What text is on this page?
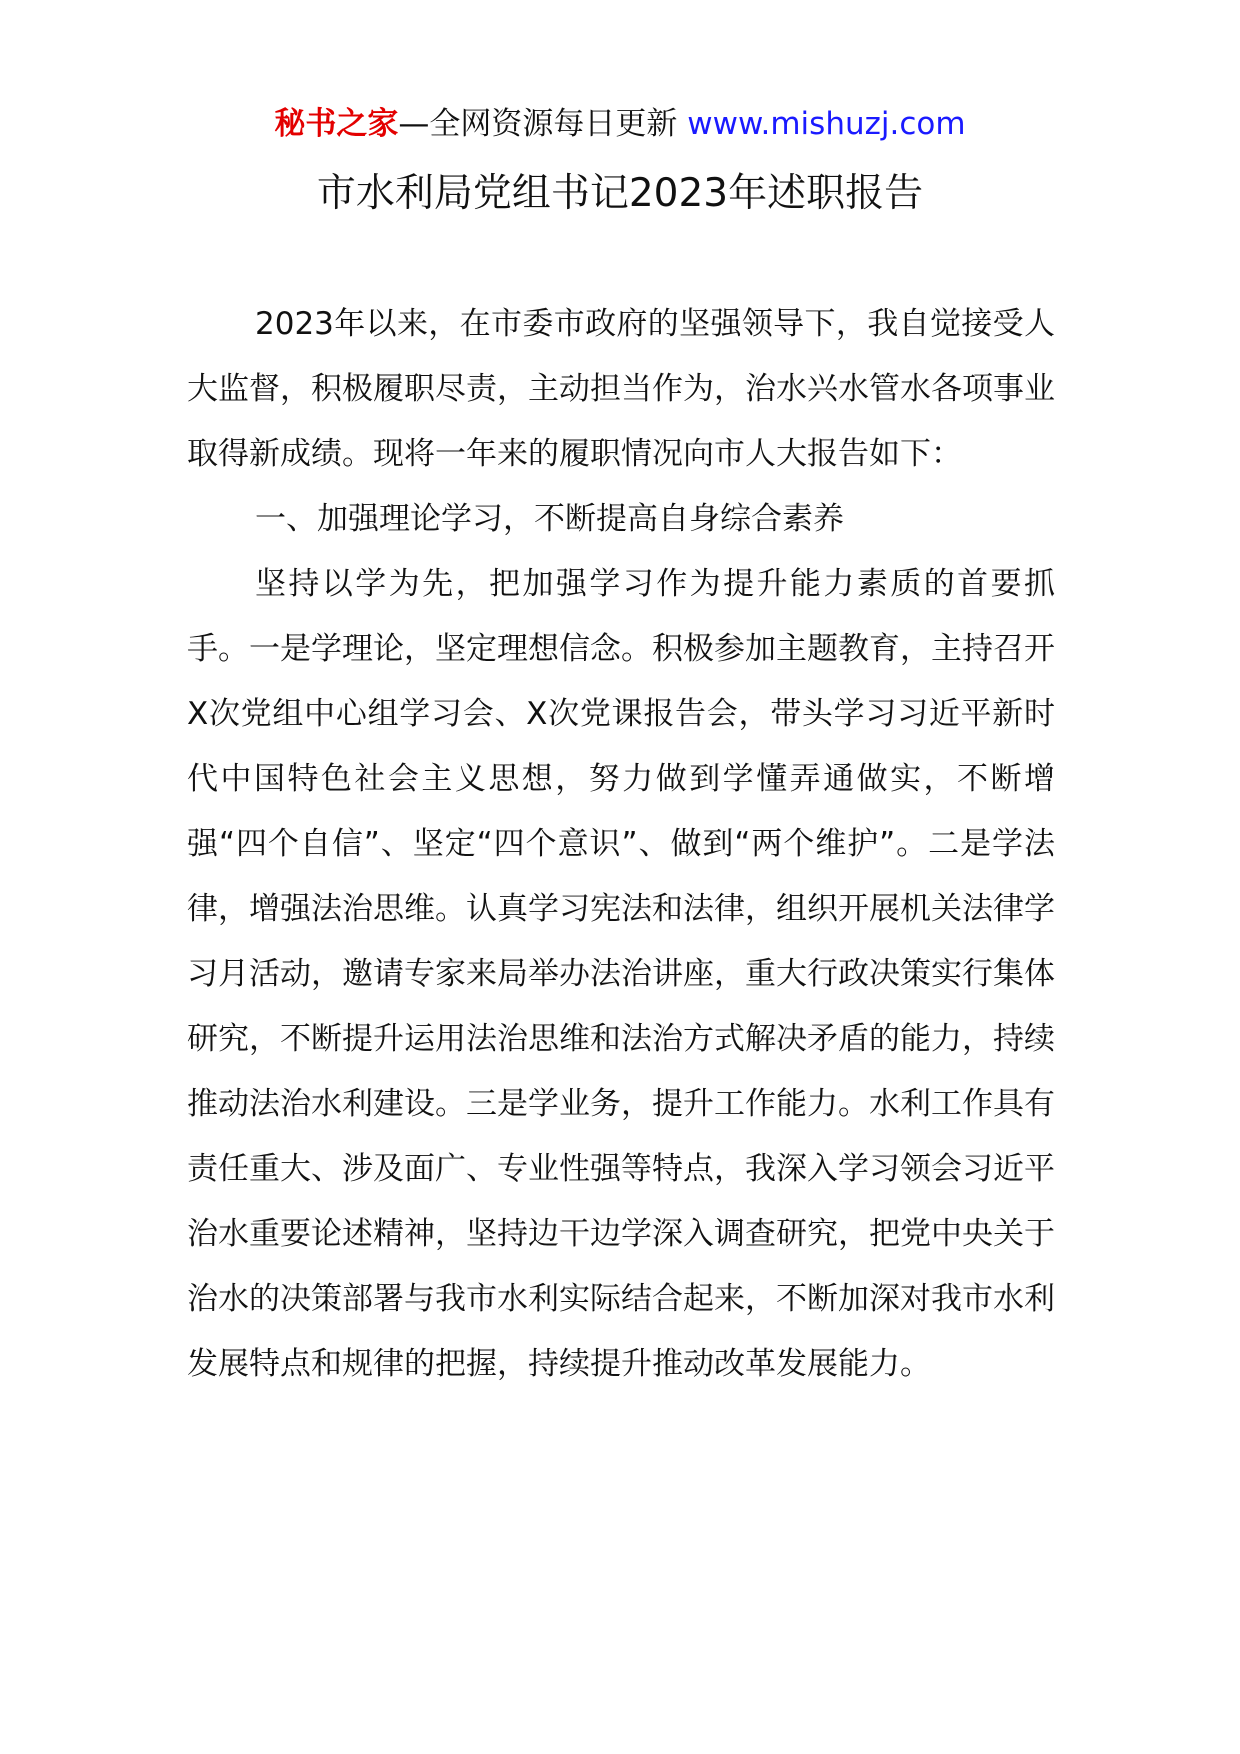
秘书之家—全网资源每日更新 www.mishuzj.com
市水利局党组书记2023年述职报告

2023年以来，在市委市政府的坚强领导下，我自觉接受人大监督，积极履职尽责，主动担当作为，治水兴水管水各项事业取得新成绩。现将一年来的履职情况向市人大报告如下：

一、加强理论学习，不断提高自身综合素养

坚持以学为先，把加强学习作为提升能力素质的首要抓手。一是学理论，坚定理想信念。积极参加主题教育，主持召开X次党组中心组学习会、X次党课报告会，带头学习习近平新时代中国特色社会主义思想，努力做到学懂弄通做实，不断增强“四个自信”、坚定“四个意识”、做到“两个维护”。二是学法律，增强法治思维。认真学习宪法和法律，组织开展机关法律学习月活动，邀请专家来局举办法治讲座，重大行政决策实行集体研究，不断提升运用法治思维和法治方式解决矛盾的能力，持续推动法治水利建设。三是学业务，提升工作能力。水利工作具有责任重大、涉及面广、专业性强等特点，我深入学习领会习近平治水重要论述精神，坚持边干边学深入调查研究，把党中央关于治水的决策部署与我市水利实际结合起来，不断加深对我市水利发展特点和规律的把握，持续提升推动改革发展能力。
